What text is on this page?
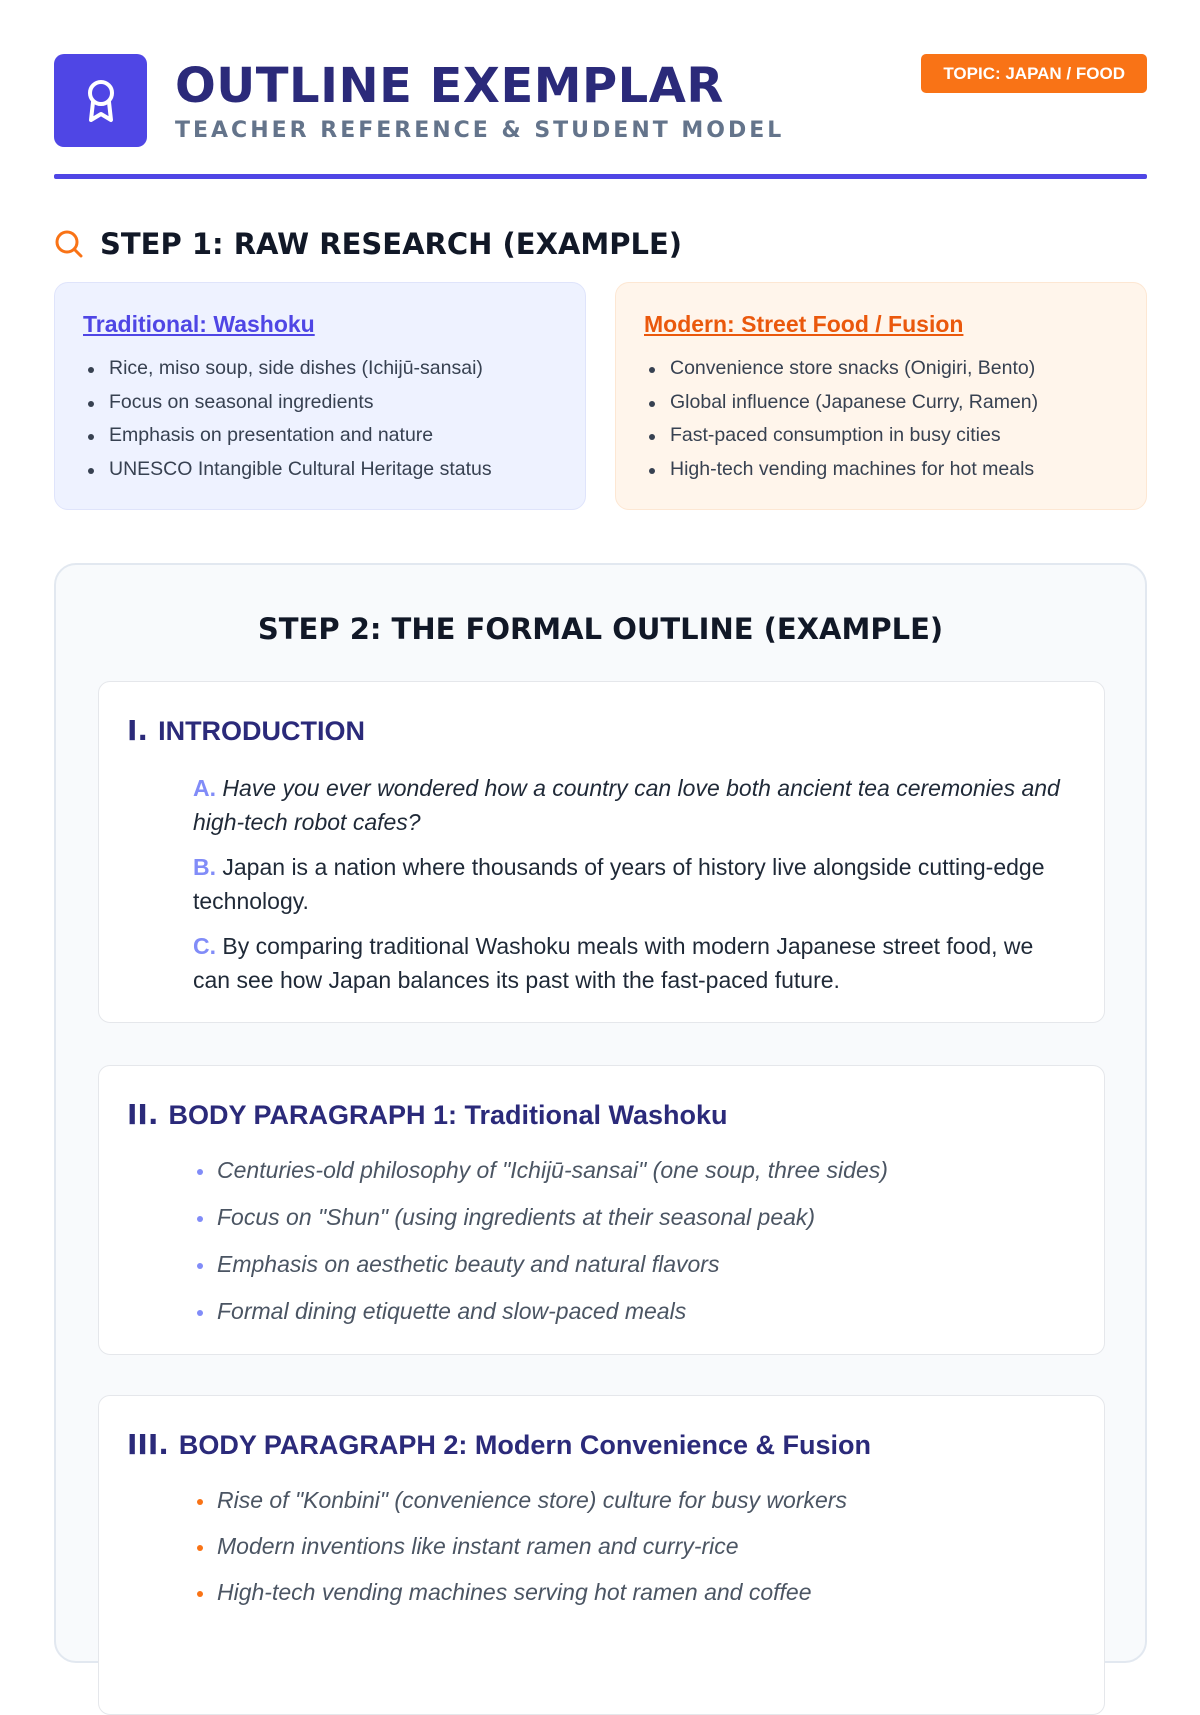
OUTLINE EXEMPLAR
TEACHER REFERENCE & STUDENT MODEL
TOPIC: JAPAN / FOOD
STEP 1: RAW RESEARCH (EXAMPLE)
Traditional: Washoku
Rice, miso soup, side dishes (Ichijū-sansai)
Focus on seasonal ingredients
Emphasis on presentation and nature
UNESCO Intangible Cultural Heritage status
Modern: Street Food / Fusion
Convenience store snacks (Onigiri, Bento)
Global influence (Japanese Curry, Ramen)
Fast-paced consumption in busy cities
High-tech vending machines for hot meals
STEP 2: THE FORMAL OUTLINE (EXAMPLE)
I. INTRODUCTION
A. Have you ever wondered how a country can love both ancient tea ceremonies and high-tech robot cafes?
B. Japan is a nation where thousands of years of history live alongside cutting-edge technology.
C. By comparing traditional Washoku meals with modern Japanese street food, we can see how Japan balances its past with the fast-paced future.
II. BODY PARAGRAPH 1: Traditional Washoku
Centuries-old philosophy of "Ichijū-sansai" (one soup, three sides)
Focus on "Shun" (using ingredients at their seasonal peak)
Emphasis on aesthetic beauty and natural flavors
Formal dining etiquette and slow-paced meals
III. BODY PARAGRAPH 2: Modern Convenience & Fusion
Rise of "Konbini" (convenience store) culture for busy workers
Modern inventions like instant ramen and curry-rice
High-tech vending machines serving hot ramen and coffee
